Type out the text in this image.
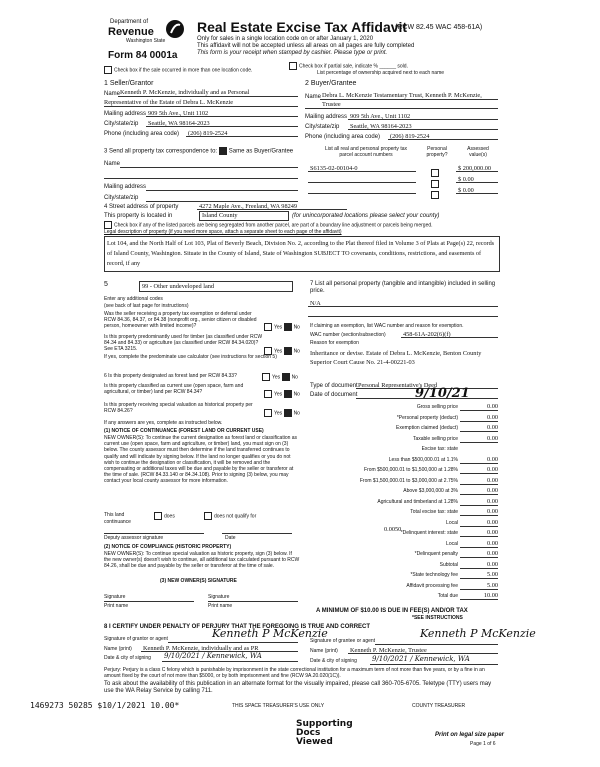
Department of
Revenue
Washington State
Form 84 0001a
Real Estate Excise Tax Affidavit
(RCW 82.45 WAC 458-61A)
Only for sales in a single location code on or after January 1, 2020
This affidavit will not be accepted unless all areas on all pages are fully completed
This form is your receipt when stamped by cashier. Please type or print.
Check box if the sale occurred in more than one location code.
Check box if partial sale, indicate % ______ sold.
List percentage of ownership acquired next to each name
1 Seller/Grantor
Name Kenneth P. McKenzie, individually and as Personal
Representative of the Estate of Debra L. McKenzie
Mailing address 909 5th Ave., Unit 1102
City/state/zip Seattle, WA 98164-2023
Phone (including area code) (206) 819-2524
2 Buyer/Grantee
Name Debra L. McKenzie Testamentary Trust, Kenneth P. McKenzie,
Trustee
Mailing address 909 5th Ave., Unit 1102
City/state/zip Seattle, WA 98164-2023
Phone (including area code) (206) 819-2524
3 Send all property tax correspondence to: Same as Buyer/Grantee
Name
Mailing address
City/state/zip
List all real and personal property tax parcel account numbers
Personal property?
Assessed value(s)
S6135-02-00104-0	$ 200,000.00
$ 0.00
$ 0.00
4 Street address of property	4272 Maple Ave., Freeland, WA 98249
This property is located in	Island County	(for unincorporated locations please select your county)
Check box if any of the listed parcels are being segregated from another parcel, are part of a boundary line adjustment or parcels being merged.
Legal description of property (if you need more space, attach a separate sheet to each page of the affidavit)
Lot 104, and the North Half of Lot 103, Plat of Beverly Beach, Division No. 2, according to the Plat thereof filed in Volume 3 of Plats at Page(s) 22, records of Island County, Washington. Situate in the County of Island, State of Washington SUBJECT TO covenants, conditions, restrictions, and easements of record, if any
5	99 - Other undeveloped land
Enter any additional codes
(see back of last page for instructions)
Was the seller receiving a property tax exemption or deferral under RCW 84.36, 84.37, or 84.38 (nonprofit org., senior citizen or disabled person, homeowner with limited income)?	Yes No
Is this property predominantly used for timber (as classified under RCW 84.34 and 84.33) or agriculture (as classified under RCW 84.34.020)? See ETA 3215.	Yes No
If yes, complete the predominate use calculator (see instructions for section 5)
6 Is this property designated as forest land per RCW 84.33?	Yes No
Is this property classified as current use (open space, farm and agricultural, or timber) land per RCW 84.34?	Yes No
Is this property receiving special valuation as historical property per RCW 84.26?	Yes No
If any answers are yes, complete as instructed below.
(1) NOTICE OF CONTINUANCE (FOREST LAND OR CURRENT USE)
NEW OWNER(S): To continue the current designation as forest land or classification as current use (open space, farm and agriculture, or timber) land, you must sign on (3) below. The county assessor must then determine if the land transferred continues to qualify and will indicate by signing below. If the land no longer qualifies or you do not wish to continue the designation or classification, it will be removed and the compensating or additional taxes will be due and payable by the seller or transferor at the time of sale. (RCW 84.33.140 or 84.34.108). Prior to signing (3) below, you may contact your local county assessor for more information.
This land
continuance
does	does not qualify for
Deputy assessor signature	Date
(2) NOTICE OF COMPLIANCE (HISTORIC PROPERTY)
NEW OWNER(S): To continue special valuation as historic property, sign (3) below. If the new owner(s) doesn't wish to continue, all additional tax calculated pursuant to RCW 84.26, shall be due and payable by the seller or transferor at the time of sale.
(3) NEW OWNER(S) SIGNATURE
Signature	Signature
Print name	Print name
7 List all personal property (tangible and intangible) included in selling price.
N/A
If claiming an exemption, list WAC number and reason for exemption.
WAC number (section/subsection)	458-61A-202(6)(f)
Reason for exemption
Inheritance or devise. Estate of Debra L. McKenzie, Benton County Superior Court Cause No. 21-4-00221-03
Type of document Personal Representative's Deed
Date of document	9/10/21
Gross selling price	0.00
*Personal property (deduct)	0.00
Exemption claimed (deduct)	0.00
Taxable selling price	0.00
Excise tax: state
Less than $500,000.01 at 1.1%	0.00
From $500,000.01 to $1,500,000 at 1.28%	0.00
From $1,500,000.01 to $3,000,000 at 2.75%	0.00
Above $3,000,000 at 3%	0.00
Agricultural and timberland at 1.28%	0.00
Total excise tax: state	0.00
Local	0.00
*Delinquent interest: state	0.00
Local	0.00
*Delinquent penalty	0.00
Subtotal	0.00
*State technology fee	5.00
Affidavit processing fee	5.00
Total due	10.00
0.0050
A MINIMUM OF $10.00 IS DUE IN FEE(S) AND/OR TAX
*SEE INSTRUCTIONS
8 I CERTIFY UNDER PENALTY OF PERJURY THAT THE FOREGOING IS TRUE AND CORRECT
Signature of grantor or agent	Kenneth P McKenzie
Name (print) Kenneth P. McKenzie, individually and as PR
Date & city of signing 9/10/2021 / Kennewick, WA
Signature of grantee or agent
Kenneth P McKenzie
Name (print) Kenneth P. McKenzie, Trustee
Date & city of signing 9/10/2021 / Kennewick, WA
Perjury: Perjury is a class C felony which is punishable by imprisonment in the state correctional institution for a maximum term of not more than five years, or by a fine in an amount fixed by the court of not more than $5000, or by both imprisonment and fine (RCW 9A.20.020(1C)).
To ask about the availability of this publication in an alternate format for the visually impaired, please call 360-705-6705. Teletype (TTY) users may use the WA Relay Service by calling 711.
1469273 50285 $10/1/2021 10.00*	THIS SPACE TREASURER'S USE ONLY	COUNTY TREASURER
Supporting Docs Viewed
Print on legal size paper
Page 1 of 6
